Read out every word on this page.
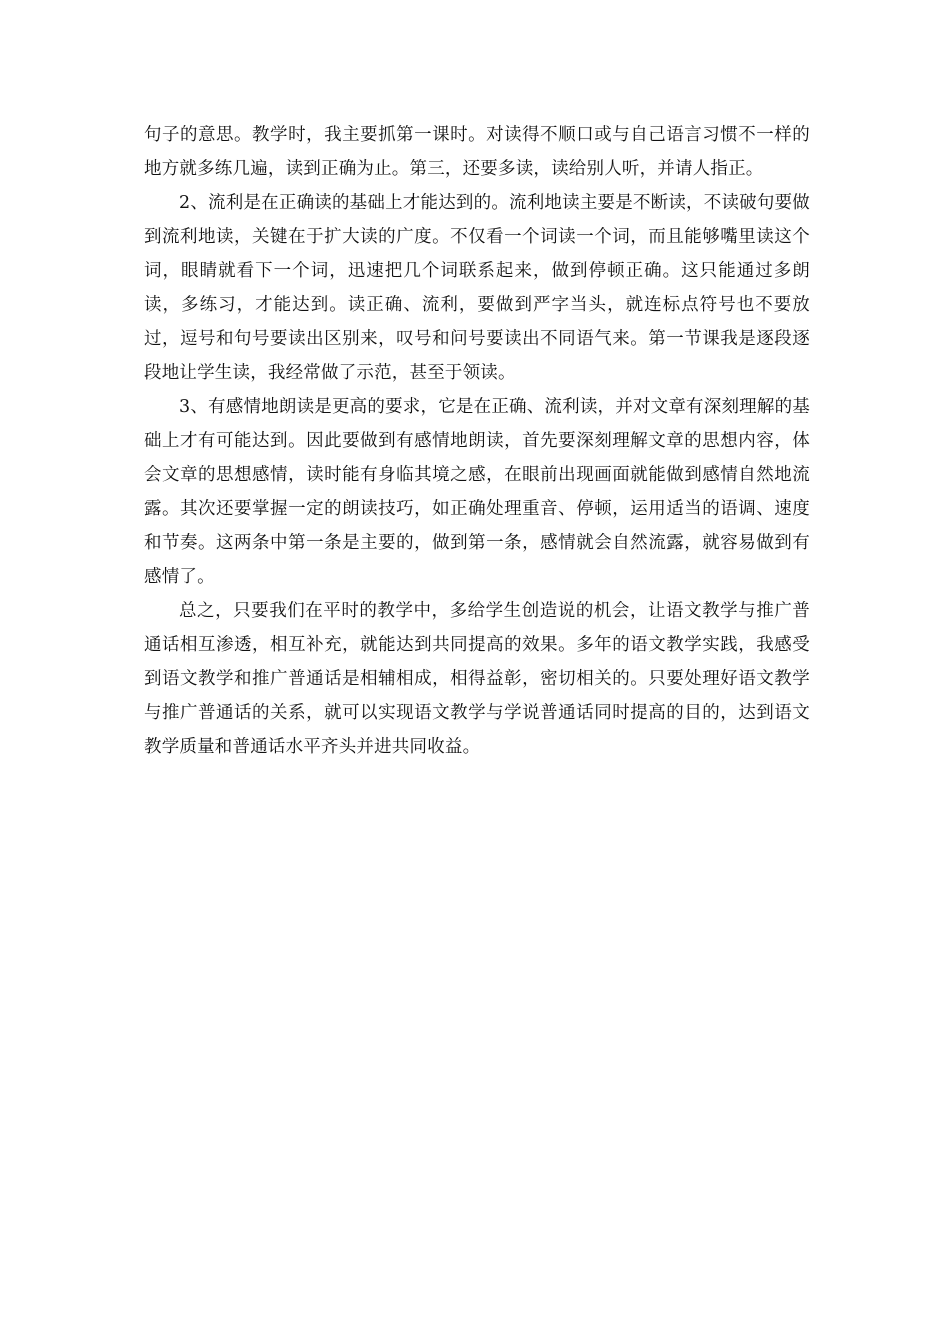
句子的意思。教学时，我主要抓第一课时。对读得不顺口或与自己语言习惯不一样的地方就多练几遍，读到正确为止。第三，还要多读，读给别人听，并请人指正。

2、流利是在正确读的基础上才能达到的。流利地读主要是不断读，不读破句要做到流利地读，关键在于扩大读的广度。不仅看一个词读一个词，而且能够嘴里读这个词，眼睛就看下一个词，迅速把几个词联系起来，做到停顿正确。这只能通过多朗读，多练习，才能达到。读正确、流利，要做到严字当头，就连标点符号也不要放过，逗号和句号要读出区别来，叹号和问号要读出不同语气来。第一节课我是逐段逐段地让学生读，我经常做了示范，甚至于领读。

3、有感情地朗读是更高的要求，它是在正确、流利读，并对文章有深刻理解的基础上才有可能达到。因此要做到有感情地朗读，首先要深刻理解文章的思想内容，体会文章的思想感情，读时能有身临其境之感，在眼前出现画面就能做到感情自然地流露。其次还要掌握一定的朗读技巧，如正确处理重音、停顿，运用适当的语调、速度和节奏。这两条中第一条是主要的，做到第一条，感情就会自然流露，就容易做到有感情了。

总之，只要我们在平时的教学中，多给学生创造说的机会，让语文教学与推广普通话相互渗透，相互补充，就能达到共同提高的效果。多年的语文教学实践，我感受到语文教学和推广普通话是相辅相成，相得益彰，密切相关的。只要处理好语文教学与推广普通话的关系，就可以实现语文教学与学说普通话同时提高的目的，达到语文教学质量和普通话水平齐头并进共同收益。
